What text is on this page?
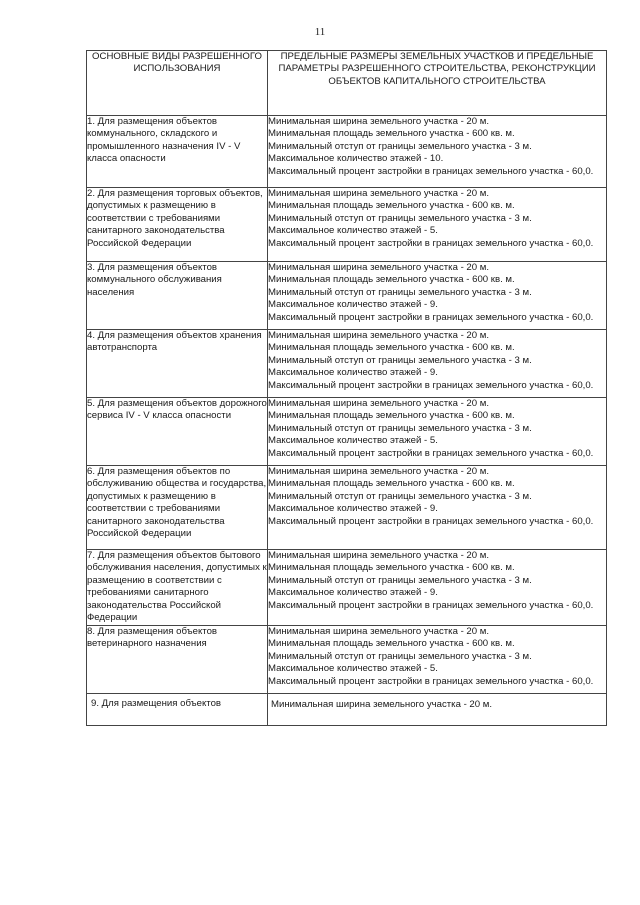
11
ОСНОВНЫЕ ВИДЫ РАЗРЕШЕННОГО ИСПОЛЬЗОВАНИЯ	ПРЕДЕЛЬНЫЕ РАЗМЕРЫ ЗЕМЕЛЬНЫХ УЧАСТКОВ И ПРЕДЕЛЬНЫЕ ПАРАМЕТРЫ РАЗРЕШЕННОГО СТРОИТЕЛЬСТВА, РЕКОНСТРУКЦИИ ОБЪЕКТОВ КАПИТАЛЬНОГО СТРОИТЕЛЬСТВА
1. Для размещения объектов коммунального, складского и промышленного назначения IV - V класса опасности	Минимальная ширина земельного участка - 20 м.
Минимальная площадь земельного участка - 600 кв. м.
Минимальный отступ от границы земельного участка - 3 м.
Максимальное количество этажей - 10.
Максимальный процент застройки в границах земельного участка - 60,0.

2. Для размещения торговых объектов, допустимых к размещению в соответствии с требованиями санитарного законодательства Российской Федерации	Минимальная ширина земельного участка - 20 м.
Минимальная площадь земельного участка - 600 кв. м.
Минимальный отступ от границы земельного участка - 3 м.
Максимальное количество этажей - 5.
Максимальный процент застройки в границах земельного участка - 60,0.

3. Для размещения объектов коммунального обслуживания населения	Минимальная ширина земельного участка - 20 м.
Минимальная площадь земельного участка - 600 кв. м.
Минимальный отступ от границы земельного участка - 3 м.
Максимальное количество этажей - 9.
Максимальный процент застройки в границах земельного участка - 60,0.

4. Для размещения объектов хранения автотранспорта	Минимальная ширина земельного участка - 20 м.
Минимальная площадь земельного участка - 600 кв. м.
Минимальный отступ от границы земельного участка - 3 м.
Максимальное количество этажей - 9.
Максимальный процент застройки в границах земельного участка - 60,0.

5. Для размещения объектов дорожного сервиса IV - V класса опасности	Минимальная ширина земельного участка - 20 м.
Минимальная площадь земельного участка - 600 кв. м.
Минимальный отступ от границы земельного участка - 3 м.
Максимальное количество этажей - 5.
Максимальный процент застройки в границах земельного участка - 60,0.

6. Для размещения объектов по обслуживанию общества и государства, допустимых к размещению в соответствии с требованиями санитарного законодательства Российской Федерации	Минимальная ширина земельного участка - 20 м.
Минимальная площадь земельного участка - 600 кв. м.
Минимальный отступ от границы земельного участка - 3 м.
Максимальное количество этажей - 9.
Максимальный процент застройки в границах земельного участка - 60,0.

7. Для размещения объектов бытового обслуживания населения, допустимых к размещению в соответствии с требованиями санитарного законодательства Российской Федерации	Минимальная ширина земельного участка - 20 м.
Минимальная площадь земельного участка - 600 кв. м.
Минимальный отступ от границы земельного участка - 3 м.
Максимальное количество этажей - 9.
Максимальный процент застройки в границах земельного участка - 60,0.

8. Для размещения объектов ветеринарного назначения	Минимальная ширина земельного участка - 20 м.
Минимальная площадь земельного участка - 600 кв. м.
Минимальный отступ от границы земельного участка - 3 м.
Максимальное количество этажей - 5.
Максимальный процент застройки в границах земельного участка - 60,0.

9. Для размещения объектов	Минимальная ширина земельного участка - 20 м.
